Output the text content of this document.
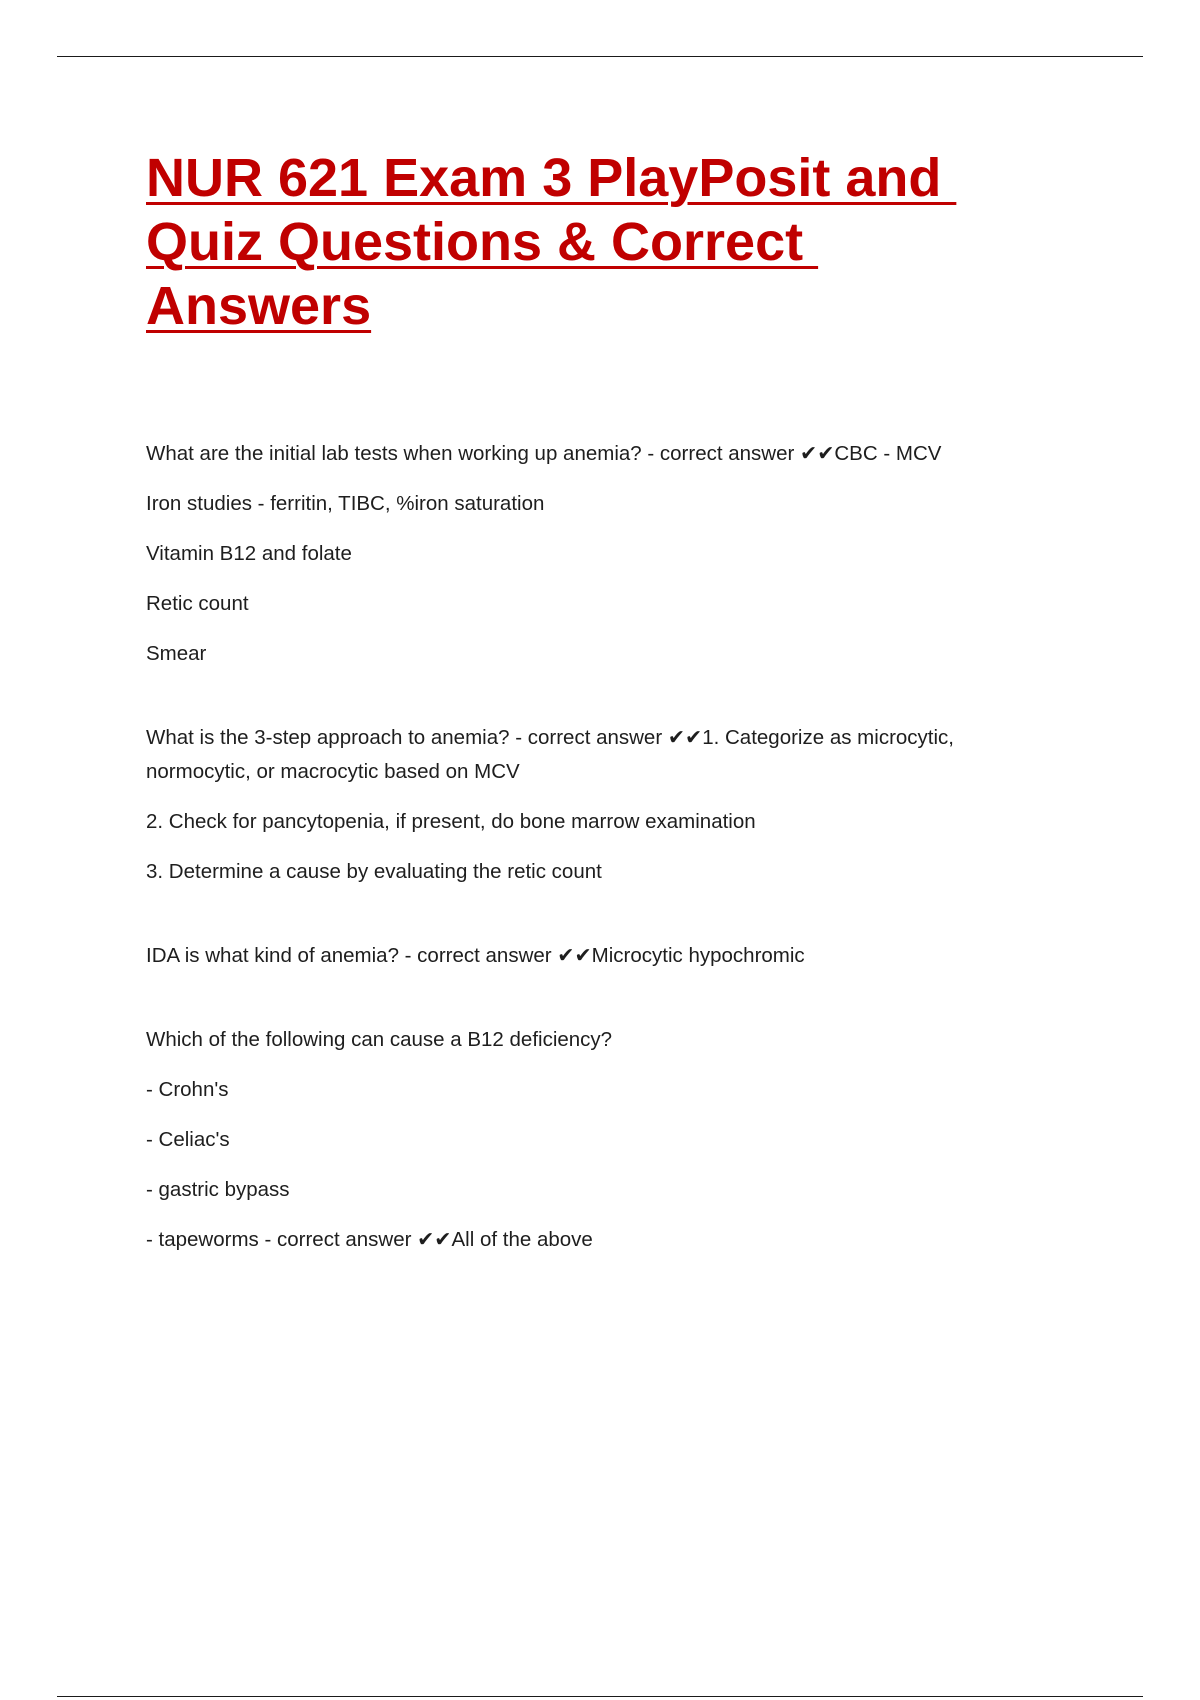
NUR 621 Exam 3 PlayPosit and
Quiz Questions & Correct
Answers

What are the initial lab tests when working up anemia? - correct answer ✔✔CBC - MCV

Iron studies - ferritin, TIBC, %iron saturation

Vitamin B12 and folate

Retic count

Smear

What is the 3-step approach to anemia? - correct answer ✔✔1. Categorize as microcytic, normocytic, or macrocytic based on MCV

2. Check for pancytopenia, if present, do bone marrow examination

3. Determine a cause by evaluating the retic count

IDA is what kind of anemia? - correct answer ✔✔Microcytic hypochromic

Which of the following can cause a B12 deficiency?

- Crohn's

- Celiac's

- gastric bypass

- tapeworms - correct answer ✔✔All of the above
